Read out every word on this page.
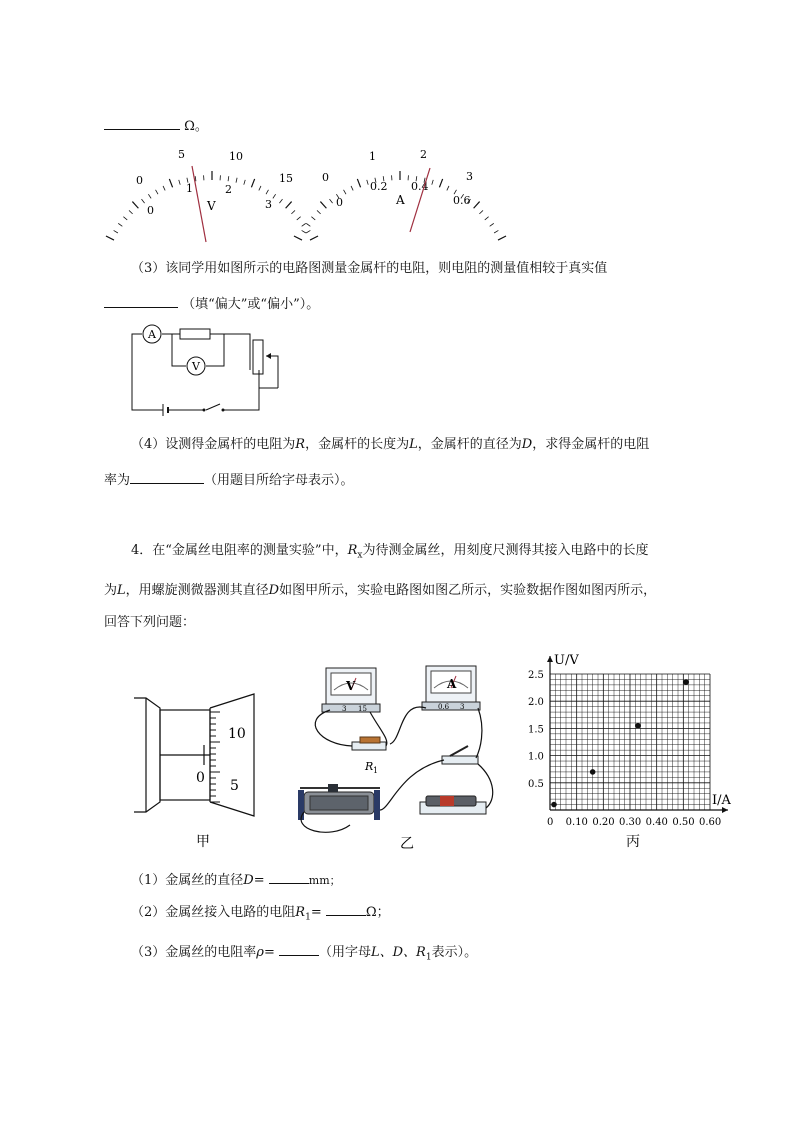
Ω。
0
5	10
15
0
1	2
3
V
0
1	2
3
0
0.2 0.4
0.6
A
（3）该同学用如图所示的电路图测量金属杆的电阻，则电阻的测量值相较于真实值
（填“偏大”或“偏小”）。
A
V
（4）设测得金属杆的电阻为R，金属杆的长度为L，金属杆的直径为D，求得金属杆的电阻
率为	（用题目所给字母表示）。
4．在“金属丝电阻率的测量实验”中，$R_x$为待测金属丝，用刻度尺测得其接入电路中的长度
为L，用螺旋测微器测其直径D如图甲所示，实验电路图如图乙所示，实验数据作图如图丙所示，
回答下列问题：
10
0 5
甲
V
3 15
A
0.6 3
R 1
乙
0 0.10 0.20 0.30 0.40 0.50 0.60
0.5
1.0
1.5
2.0
2.5
U/V
I/A
丙
（1）金属丝的直径D=	mm；
（2）金属丝接入电路的电阻$R_1=$	Ω；
（3）金属丝的电阻率ρ=	（用字母L、D、$R_1$表示）。
